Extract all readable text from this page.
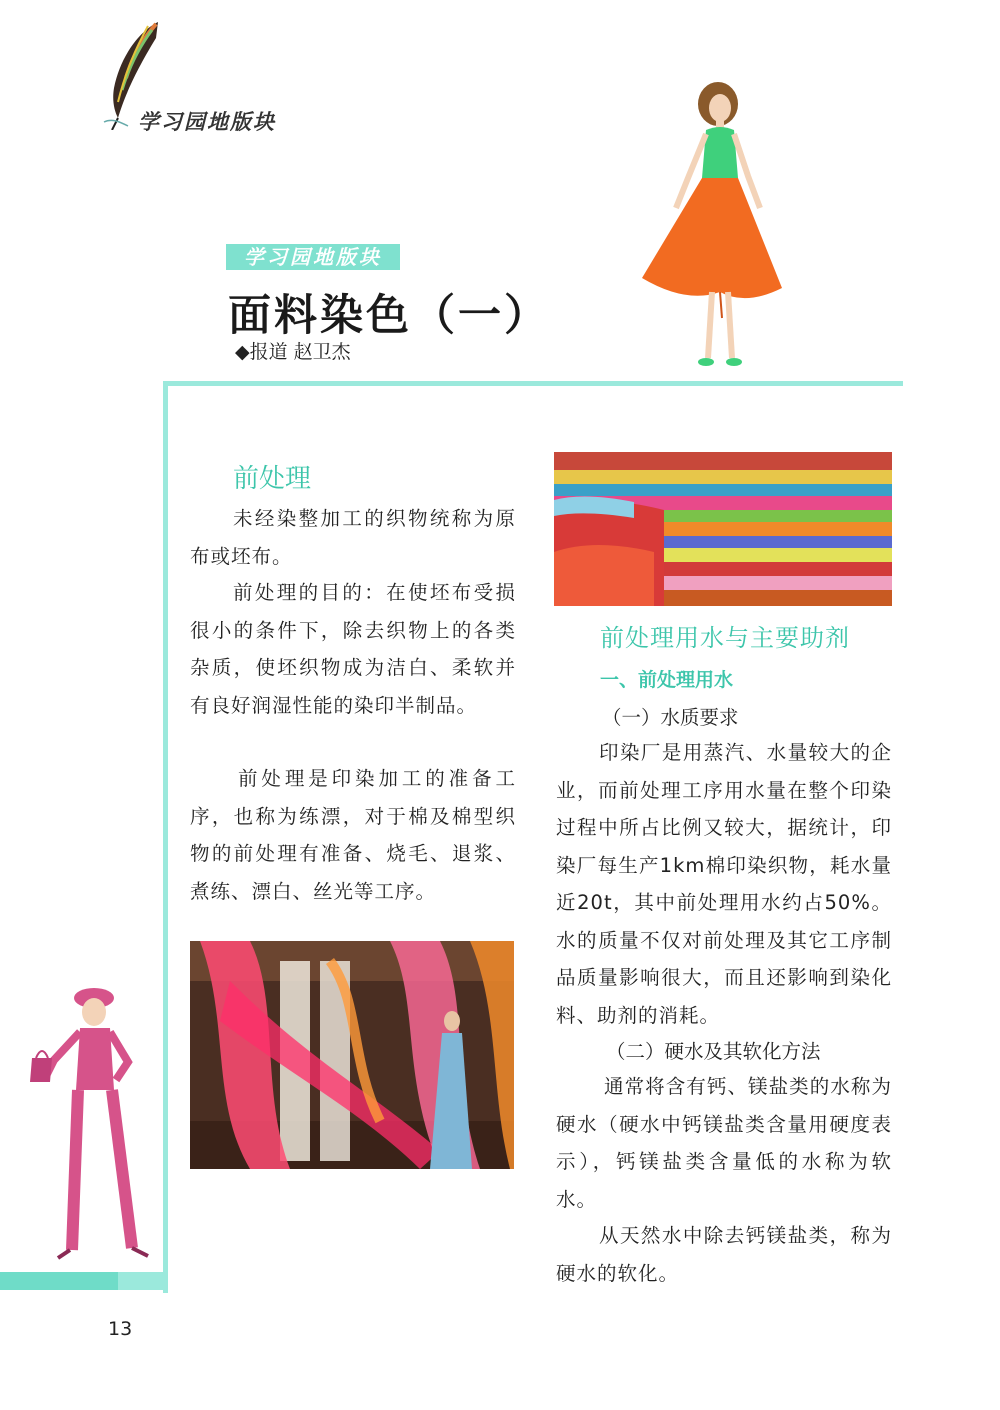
学习园地版块
学习园地版块
面料染色（一）
◆报道 赵卫杰
前处理
未经染整加工的织物统称为原布或坯布。
前处理的目的：在使坯布受损很小的条件下，除去织物上的各类杂质，使坯织物成为洁白、柔软并有良好润湿性能的染印半制品。
前处理是印染加工的准备工序，也称为练漂，对于棉及棉型织物的前处理有准备、烧毛、退浆、煮练、漂白、丝光等工序。
前处理用水与主要助剂
一、前处理用水
（一）水质要求
印染厂是用蒸汽、水量较大的企业，而前处理工序用水量在整个印染过程中所占比例又较大，据统计，印染厂每生产1km棉印染织物，耗水量近20t，其中前处理用水约占50%。水的质量不仅对前处理及其它工序制品质量影响很大，而且还影响到染化料、助剂的消耗。
（二）硬水及其软化方法
通常将含有钙、镁盐类的水称为硬水（硬水中钙镁盐类含量用硬度表示），钙镁盐类含量低的水称为软水。
从天然水中除去钙镁盐类，称为硬水的软化。
13
